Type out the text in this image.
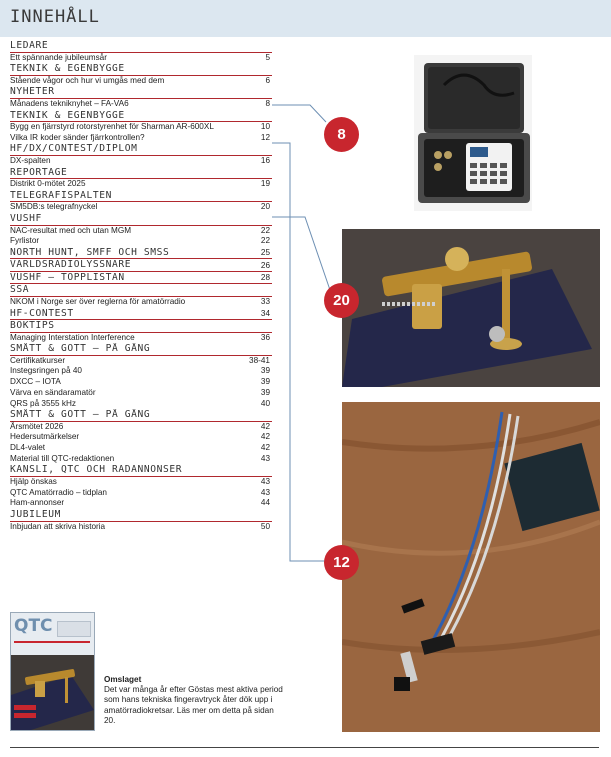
INNEHÅLL
LEDARE
Ett spännande jubileumsår	5
TEKNIK & EGENBYGGE
Stående vågor och hur vi umgås med dem	6
NYHETER
Månadens tekniknyhet – FA-VA6	8
TEKNIK & EGENBYGGE
Bygg en fjärrstyrd rotorstyrenhet för Sharman AR-600XL	10
Vilka IR koder sänder fjärrkontrollen?	12
HF/DX/CONTEST/DIPLOM
DX-spalten	16
REPORTAGE
Distrikt 0-mötet 2025	19
TELEGRAFISPALTEN
SM5DB:s telegrafnyckel	20
VUSHF
NAC-resultat med och utan MGM	22
Fyrlistor	22
NORTH HUNT, SMFF OCH SMSS	25
VÄRLDSRADIOLYSSNARE	26
VUSHF – TOPPLISTAN	28
SSA
NKOM i Norge ser över reglerna för amatörradio	33
HF-CONTEST	34
BOKTIPS
Managing Interstation Interference	36
SMÅTT & GOTT – PÅ GÅNG
Certifikatkurser	38-41
Instegsringen på 40	39
DXCC – IOTA	39
Värva en sändaramatör	39
QRS på 3555 kHz	40
SMÅTT & GOTT – PÅ GÅNG
Årsmötet 2026	42
Hedersutmärkelser	42
DL4-valet	42
Material till QTC-redaktionen	43
KANSLI, QTC OCH RADANNONSER
Hjälp önskas	43
QTC Amatörradio – tidplan	43
Ham-annonser	44
JUBILEUM
Inbjudan att skriva historia	50
8
20
12
QTC
Omslaget
Det var många år efter Göstas mest aktiva period som hans tekniska fingeravtryck åter dök upp i amatörradiokretsar. Läs mer om detta på sidan 20.
